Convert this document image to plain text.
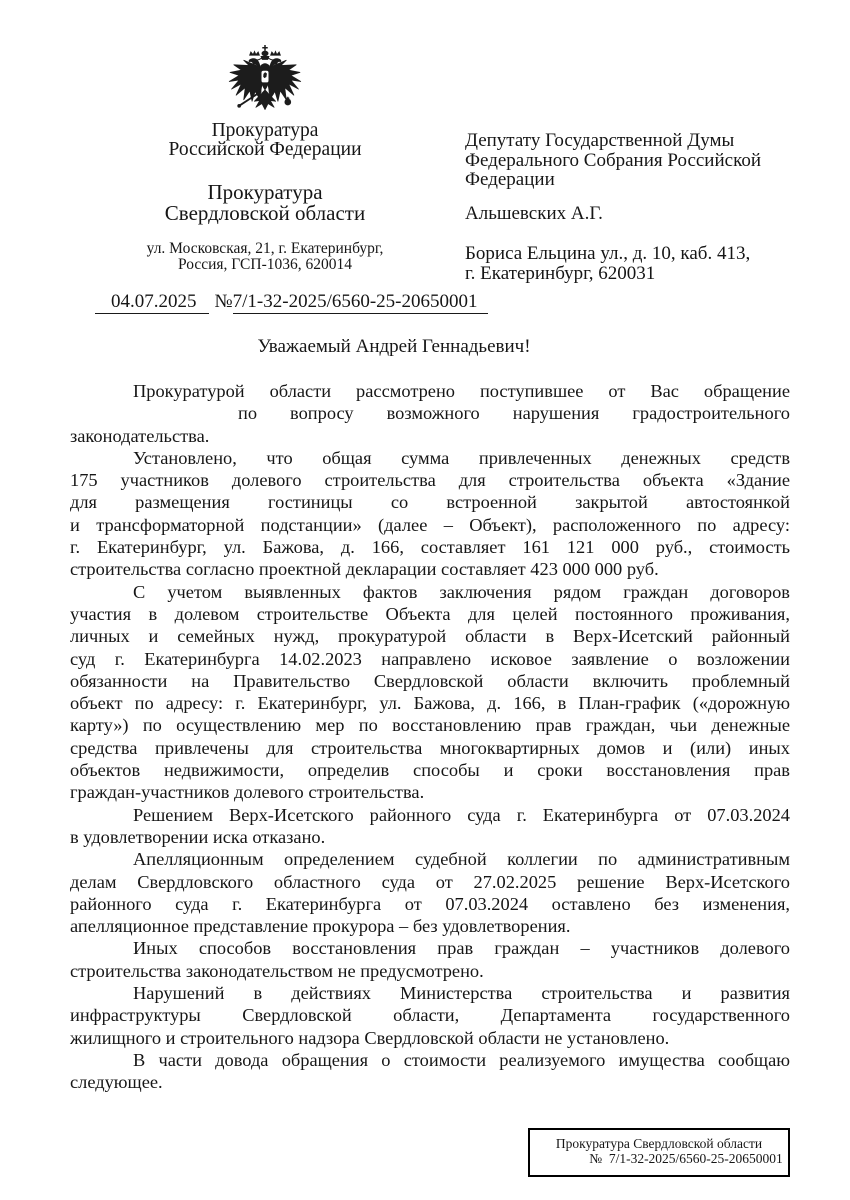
Прокуратура
Российской Федерации
Прокуратура
Свердловской области
ул. Московская, 21, г. Екатеринбург,
Россия, ГСП-1036, 620014
Депутату Государственной Думы
Федерального Собрания Российской
Федерации
Альшевских А.Г.
Бориса Ельцина ул., д. 10, каб. 413,
г. Екатеринбург, 620031
04.07.2025 №7/1-32-2025/6560-25-20650001
Уважаемый Андрей Геннадьевич!
Прокуратурой области рассмотрено поступившее от Вас обращение
по вопросу возможного нарушения градостроительного
законодательства.
Установлено, что общая сумма привлеченных денежных средств
175 участников долевого строительства для строительства объекта «Здание
для размещения гостиницы со встроенной закрытой автостоянкой
и трансформаторной подстанции» (далее – Объект), расположенного по адресу:
г. Екатеринбург, ул. Бажова, д. 166, составляет 161 121 000 руб., стоимость
строительства согласно проектной декларации составляет 423 000 000 руб.
С учетом выявленных фактов заключения рядом граждан договоров
участия в долевом строительстве Объекта для целей постоянного проживания,
личных и семейных нужд, прокуратурой области в Верх-Исетский районный
суд г. Екатеринбурга 14.02.2023 направлено исковое заявление о возложении
обязанности на Правительство Свердловской области включить проблемный
объект по адресу: г. Екатеринбург, ул. Бажова, д. 166, в План-график («дорожную
карту») по осуществлению мер по восстановлению прав граждан, чьи денежные
средства привлечены для строительства многоквартирных домов и (или) иных
объектов недвижимости, определив способы и сроки восстановления прав
граждан-участников долевого строительства.
Решением Верх-Исетского районного суда г. Екатеринбурга от 07.03.2024
в удовлетворении иска отказано.
Апелляционным определением судебной коллегии по административным
делам Свердловского областного суда от 27.02.2025 решение Верх-Исетского
районного суда г. Екатеринбурга от 07.03.2024 оставлено без изменения,
апелляционное представление прокурора – без удовлетворения.
Иных способов восстановления прав граждан – участников долевого
строительства законодательством не предусмотрено.
Нарушений в действиях Министерства строительства и развития
инфраструктуры Свердловской области, Департамента государственного
жилищного и строительного надзора Свердловской области не установлено.
В части довода обращения о стоимости реализуемого имущества сообщаю
следующее.
Прокуратура Свердловской области
№  7/1-32-2025/6560-25-20650001
